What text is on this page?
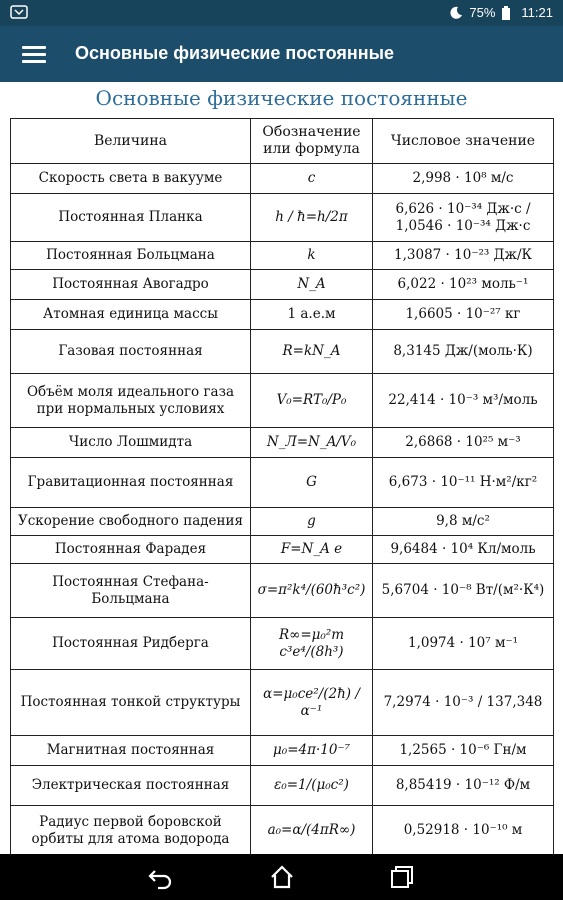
75% 11:21
Основные физические постоянные
Основные физические постоянные
Величина	Обозначение или формула	Числовое значение
Скорость света в вакууме	c	2,998 · 10⁸ м/с
Постоянная Планка	h / ħ=h/2π	6,626 · 10⁻³⁴ Дж·с / 1,0546 · 10⁻³⁴ Дж·с
Постоянная Больцмана	k	1,3087 · 10⁻²³ Дж/К
Постоянная Авогадро	N_A	6,022 · 10²³ моль⁻¹
Атомная единица массы	1 а.е.м	1,6605 · 10⁻²⁷ кг
Газовая постоянная	R=kN_A	8,3145 Дж/(моль·К)
Объём моля идеального газа при нормальных условиях	V₀=RT₀/P₀	22,414 · 10⁻³ м³/моль
Число Лошмидта	N_Л=N_A/V₀	2,6868 · 10²⁵ м⁻³
Гравитационная постоянная	G	6,673 · 10⁻¹¹ Н·м²/кг²
Ускорение свободного падения	g	9,8 м/с²
Постоянная Фарадея	F=N_A e	9,6484 · 10⁴ Кл/моль
Постоянная Стефана-Больцмана	σ=π²k⁴/(60ħ³c²)	5,6704 · 10⁻⁸ Вт/(м²·К⁴)
Постоянная Ридберга	R∞=μ₀²m c³e⁴/(8h³)	1,0974 · 10⁷ м⁻¹
Постоянная тонкой структуры	α=μ₀ce²/(2ħ) / α⁻¹	7,2974 · 10⁻³ / 137,348
Магнитная постоянная	μ₀=4π·10⁻⁷	1,2565 · 10⁻⁶ Гн/м
Электрическая постоянная	ε₀=1/(μ₀c²)	8,85419 · 10⁻¹² Ф/м
Радиус первой боровской орбиты для атома водорода	a₀=α/(4πR∞)	0,52918 · 10⁻¹⁰ м
